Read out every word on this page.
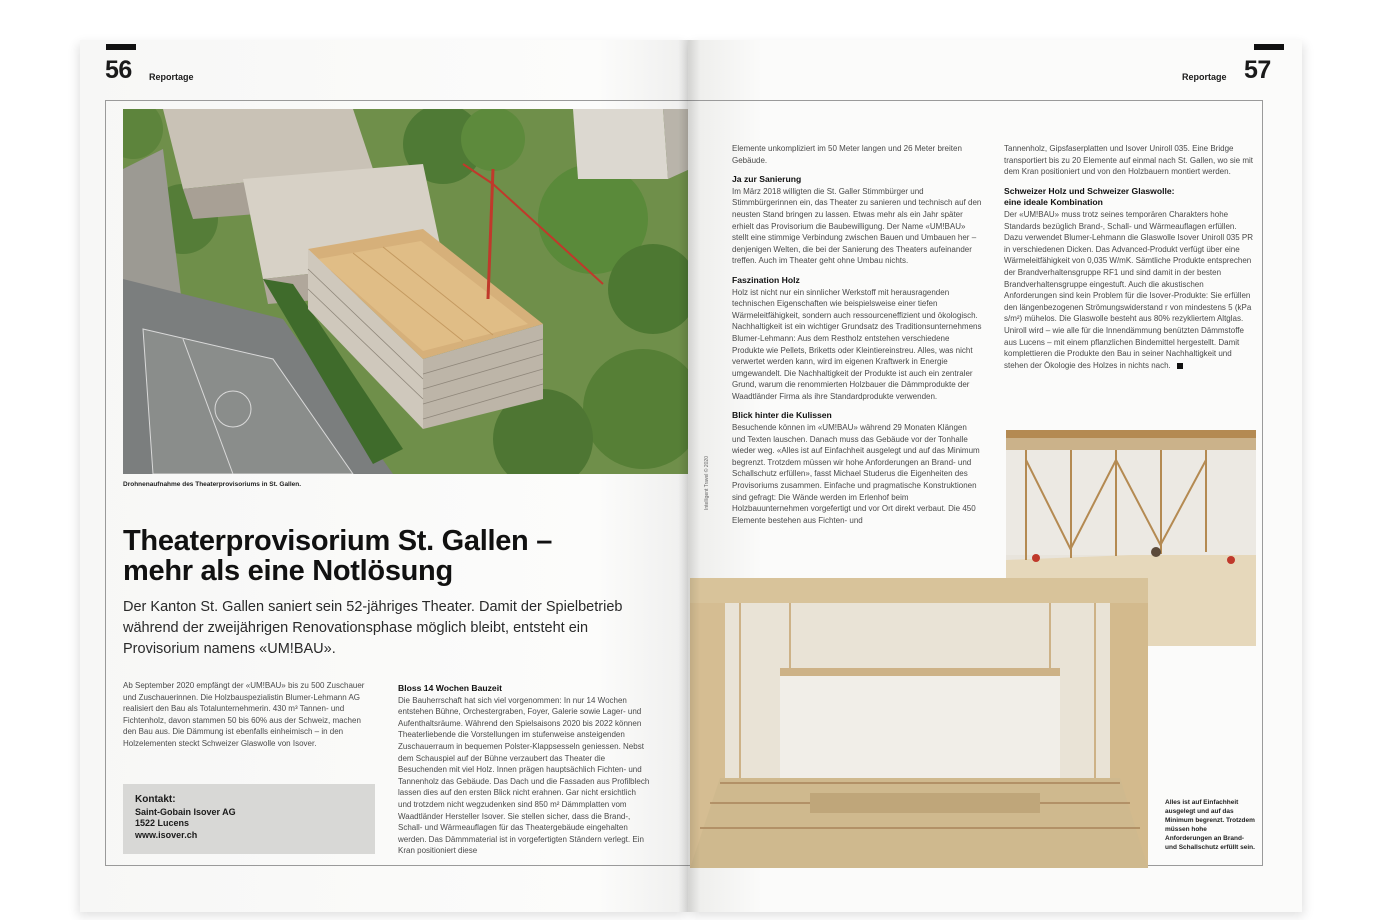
56 Reportage
Drohnenaufnahme des Theaterprovisoriums in St. Gallen.
Theaterprovisorium St. Gallen –
mehr als eine Notlösung
Der Kanton St. Gallen saniert sein 52-jähriges Theater. Damit der Spielbetrieb während der zweijährigen Renovationsphase möglich bleibt, entsteht ein Provisorium namens «UM!BAU».
Ab September 2020 empfängt der «UM!BAU» bis zu 500 Zuschauer und Zuschauerinnen. Die Holzbauspezialistin Blumer-Lehmann AG realisiert den Bau als Totalunternehmerin. 430 m³ Tannen- und Fichtenholz, davon stammen 50 bis 60% aus der Schweiz, machen den Bau aus. Die Dämmung ist ebenfalls einheimisch – in den Holzelementen steckt Schweizer Glaswolle von Isover.
Kontakt:
Saint-Gobain Isover AG
1522 Lucens
www.isover.ch
Bloss 14 Wochen Bauzeit
Die Bauherrschaft hat sich viel vorgenommen: In nur 14 Wochen entstehen Bühne, Orchestergraben, Foyer, Galerie sowie Lager- und Aufenthaltsräume. Während den Spielsaisons 2020 bis 2022 können Theaterliebende die Vorstellungen im stufenweise ansteigenden Zuschauerraum in bequemen Polster-Klappsesseln geniessen. Nebst dem Schauspiel auf der Bühne verzaubert das Theater die Besuchenden mit viel Holz. Innen prägen hauptsächlich Fichten- und Tannenholz das Gebäude. Das Dach und die Fassaden aus Profilblech lassen dies auf den ersten Blick nicht erahnen. Gar nicht ersichtlich und trotzdem nicht wegzudenken sind 850 m² Dämmplatten vom Waadtländer Hersteller Isover. Sie stellen sicher, dass die Brand-, Schall- und Wärmeauflagen für das Theatergebäude eingehalten werden. Das Dämmmaterial ist in vorgefertigten Ständern verlegt. Ein Kran positioniert diese
Reportage 57
Intelligent Travel © 2020
Elemente unkompliziert im 50 Meter langen und 26 Meter breiten Gebäude.
Ja zur Sanierung
Im März 2018 willigten die St. Galler Stimmbürger und Stimmbürgerinnen ein, das Theater zu sanieren und technisch auf den neusten Stand bringen zu lassen. Etwas mehr als ein Jahr später erhielt das Provisorium die Baubewilligung. Der Name «UM!BAU» stellt eine stimmige Verbindung zwischen Bauen und Umbauen her – denjenigen Welten, die bei der Sanierung des Theaters aufeinander treffen. Auch im Theater geht ohne Umbau nichts.
Faszination Holz
Holz ist nicht nur ein sinnlicher Werkstoff mit herausragenden technischen Eigenschaften wie beispielsweise einer tiefen Wärmeleitfähigkeit, sondern auch ressourceneffizient und ökologisch. Nachhaltigkeit ist ein wichtiger Grundsatz des Traditionsunternehmens Blumer-Lehmann: Aus dem Restholz entstehen verschiedene Produkte wie Pellets, Briketts oder Kleintiereinstreu. Alles, was nicht verwertet werden kann, wird im eigenen Kraftwerk in Energie umgewandelt. Die Nachhaltigkeit der Produkte ist auch ein zentraler Grund, warum die renommierten Holzbauer die Dämmprodukte der Waadtländer Firma als ihre Standardprodukte verwenden.
Blick hinter die Kulissen
Besuchende können im «UM!BAU» während 29 Monaten Klängen und Texten lauschen. Danach muss das Gebäude vor der Tonhalle wieder weg. «Alles ist auf Einfachheit ausgelegt und auf das Minimum begrenzt. Trotzdem müssen wir hohe Anforderungen an Brand- und Schallschutz erfüllen», fasst Michael Studerus die Eigenheiten des Provisoriums zusammen. Einfache und pragmatische Konstruktionen sind gefragt: Die Wände werden im Erlenhof beim Holzbauunternehmen vorgefertigt und vor Ort direkt verbaut. Die 450 Elemente bestehen aus Fichten- und
Tannenholz, Gipsfaserplatten und Isover Uniroll 035. Eine Bridge transportiert bis zu 20 Elemente auf einmal nach St. Gallen, wo sie mit dem Kran positioniert und von den Holzbauern montiert werden.
Schweizer Holz und Schweizer Glaswolle:
eine ideale Kombination
Der «UM!BAU» muss trotz seines temporären Charakters hohe Standards bezüglich Brand-, Schall- und Wärmeauflagen erfüllen. Dazu verwendet Blumer-Lehmann die Glaswolle Isover Uniroll 035 PR in verschiedenen Dicken. Das Advanced-Produkt verfügt über eine Wärmeleitfähigkeit von 0,035 W/mK. Sämtliche Produkte entsprechen der Brandverhaltensgruppe RF1 und sind damit in der besten Brandverhaltensgruppe eingestuft. Auch die akustischen Anforderungen sind kein Problem für die Isover-Produkte: Sie erfüllen den längenbezogenen Strömungswiderstand r von mindestens 5 (kPa s/m²) mühelos. Die Glaswolle besteht aus 80% rezykliertem Altglas. Uniroll wird – wie alle für die Innendämmung benützten Dämmstoffe aus Lucens – mit einem pflanzlichen Bindemittel hergestellt. Damit komplettieren die Produkte den Bau in seiner Nachhaltigkeit und stehen der Ökologie des Holzes in nichts nach.
Alles ist auf Einfachheit ausgelegt und auf das Minimum begrenzt. Trotzdem müssen hohe Anforderungen an Brand- und Schallschutz erfüllt sein.
